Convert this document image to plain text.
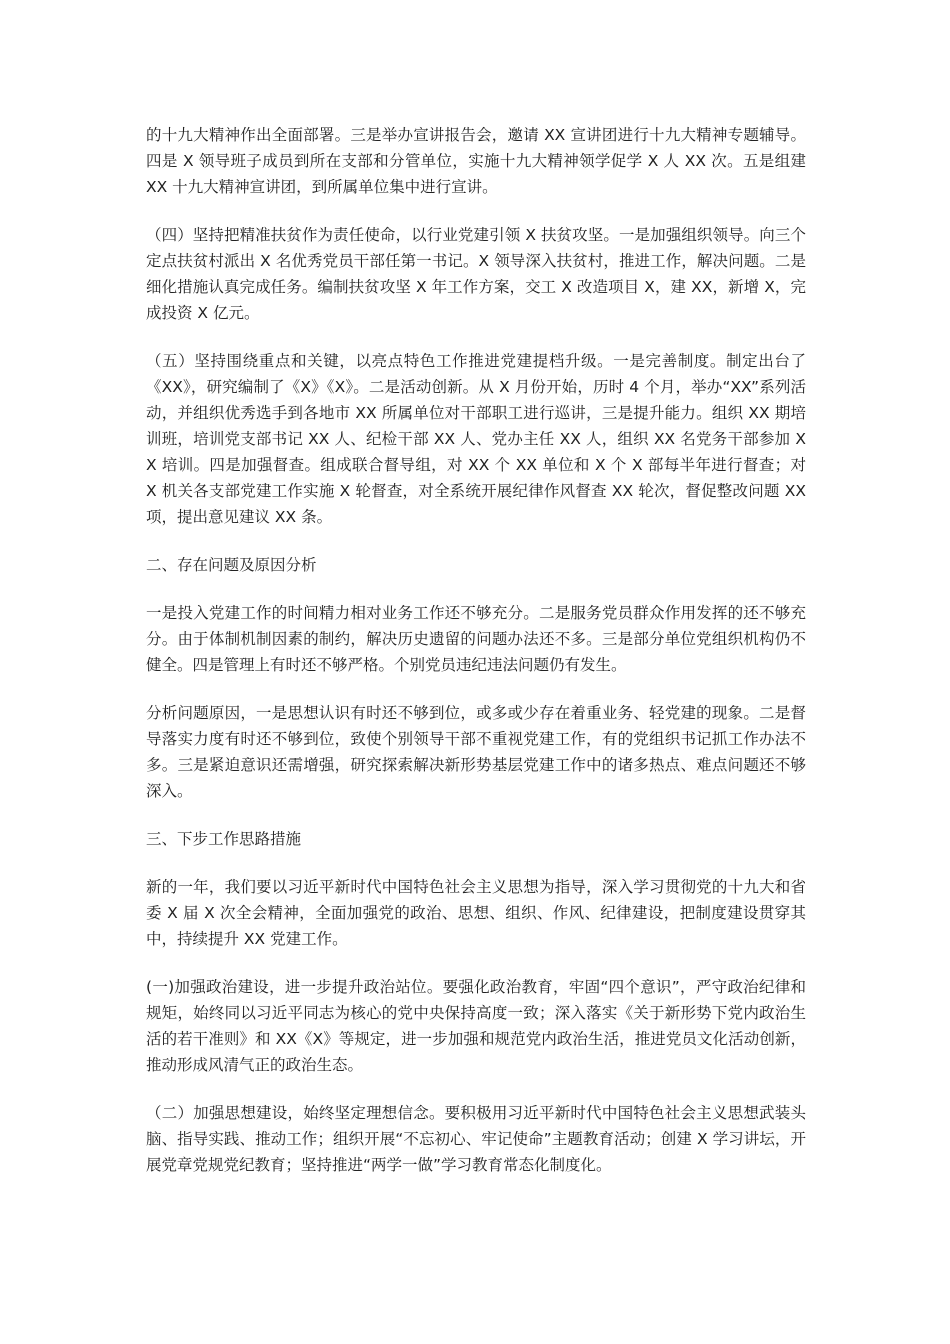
的十九大精神作出全面部署。三是举办宣讲报告会，邀请 XX 宣讲团进行十九大精神专题辅导。四是 X 领导班子成员到所在支部和分管单位，实施十九大精神领学促学 X 人 XX 次。五是组建 XX 十九大精神宣讲团，到所属单位集中进行宣讲。

（四）坚持把精准扶贫作为责任使命，以行业党建引领 X 扶贫攻坚。一是加强组织领导。向三个定点扶贫村派出 X 名优秀党员干部任第一书记。X 领导深入扶贫村，推进工作，解决问题。二是细化措施认真完成任务。编制扶贫攻坚 X 年工作方案，交工 X 改造项目 X，建 XX，新增 X，完成投资 X 亿元。

（五）坚持围绕重点和关键，以亮点特色工作推进党建提档升级。一是完善制度。制定出台了《XX》，研究编制了《X》《X》。二是活动创新。从 X 月份开始，历时 4 个月，举办“XX”系列活动，并组织优秀选手到各地市 XX 所属单位对干部职工进行巡讲，三是提升能力。组织 XX 期培训班，培训党支部书记 XX 人、纪检干部 XX 人、党办主任 XX 人，组织 XX 名党务干部参加 XX 培训。四是加强督查。组成联合督导组，对 XX 个 XX 单位和 X 个 X 部每半年进行督查；对 X 机关各支部党建工作实施 X 轮督查，对全系统开展纪律作风督查 XX 轮次，督促整改问题 XX 项，提出意见建议 XX 条。

二、存在问题及原因分析

一是投入党建工作的时间精力相对业务工作还不够充分。二是服务党员群众作用发挥的还不够充分。由于体制机制因素的制约，解决历史遗留的问题办法还不多。三是部分单位党组织机构仍不健全。四是管理上有时还不够严格。个别党员违纪违法问题仍有发生。

分析问题原因，一是思想认识有时还不够到位，或多或少存在着重业务、轻党建的现象。二是督导落实力度有时还不够到位，致使个别领导干部不重视党建工作，有的党组织书记抓工作办法不多。三是紧迫意识还需增强，研究探索解决新形势基层党建工作中的诸多热点、难点问题还不够深入。

三、下步工作思路措施

新的一年，我们要以习近平新时代中国特色社会主义思想为指导，深入学习贯彻党的十九大和省委 X 届 X 次全会精神，全面加强党的政治、思想、组织、作风、纪律建设，把制度建设贯穿其中，持续提升 XX 党建工作。

(一)加强政治建设，进一步提升政治站位。要强化政治教育，牢固“四个意识”，严守政治纪律和规矩，始终同以习近平同志为核心的党中央保持高度一致；深入落实《关于新形势下党内政治生活的若干准则》和 XX《X》等规定，进一步加强和规范党内政治生活，推进党员文化活动创新，推动形成风清气正的政治生态。

（二）加强思想建设，始终坚定理想信念。要积极用习近平新时代中国特色社会主义思想武装头脑、指导实践、推动工作；组织开展“不忘初心、牢记使命”主题教育活动；创建 X 学习讲坛，开展党章党规党纪教育；坚持推进“两学一做”学习教育常态化制度化。
